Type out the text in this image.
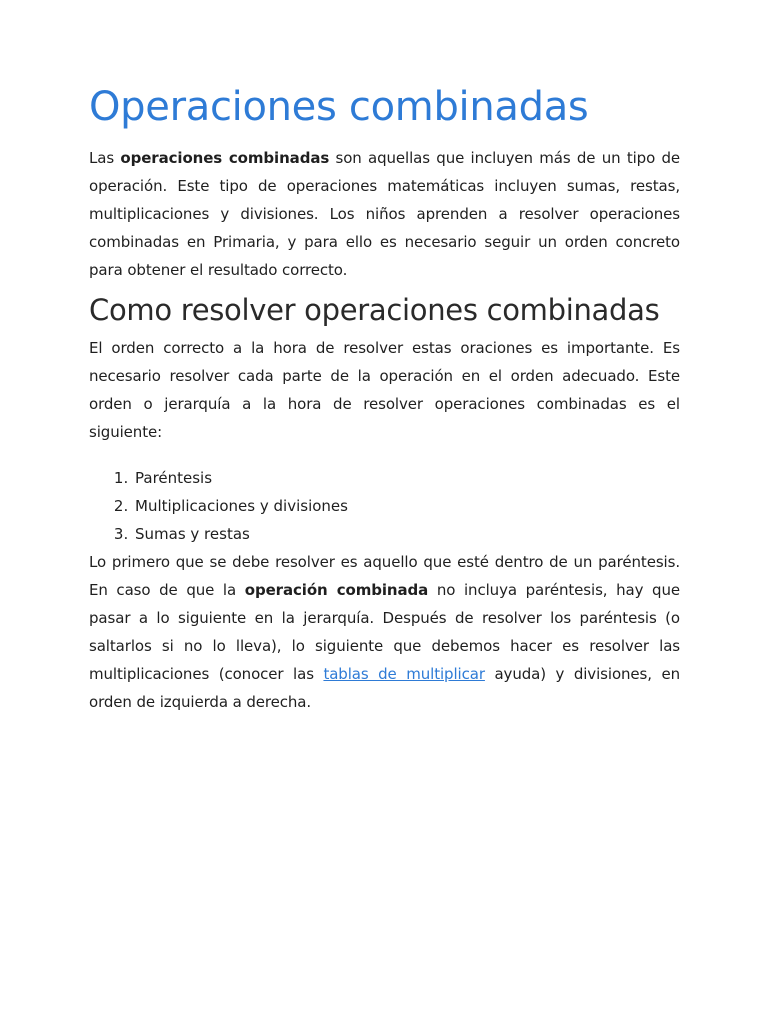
Operaciones combinadas

Las operaciones combinadas son aquellas que incluyen más de un tipo de operación. Este tipo de operaciones matemáticas incluyen sumas, restas, multiplicaciones y divisiones. Los niños aprenden a resolver operaciones combinadas en Primaria, y para ello es necesario seguir un orden concreto para obtener el resultado correcto.

Como resolver operaciones combinadas

El orden correcto a la hora de resolver estas oraciones es importante. Es necesario resolver cada parte de la operación en el orden adecuado. Este orden o jerarquía a la hora de resolver operaciones combinadas es el siguiente:

1. Paréntesis
2. Multiplicaciones y divisiones
3. Sumas y restas

Lo primero que se debe resolver es aquello que esté dentro de un paréntesis. En caso de que la operación combinada no incluya paréntesis, hay que pasar a lo siguiente en la jerarquía. Después de resolver los paréntesis (o saltarlos si no lo lleva), lo siguiente que debemos hacer es resolver las multiplicaciones (conocer las tablas de multiplicar ayuda) y divisiones, en orden de izquierda a derecha.
